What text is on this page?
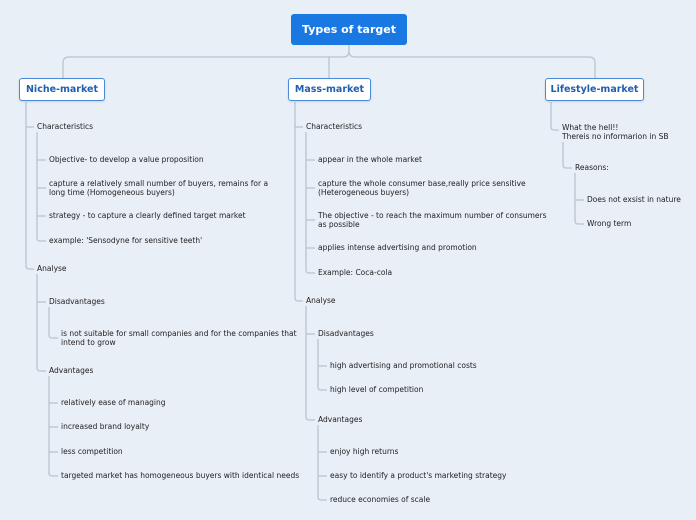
Types of target
Niche-market	Mass-market	Lifestyle-market
Characteristics
Objective- to develop a value proposition
capture a relatively small number of buyers, remains for a
long time (Homogeneous buyers)
strategy - to capture a clearly defined target market
example: 'Sensodyne for sensitive teeth'
Analyse
Disadvantages
is not suitable for small companies and for the companies that
intend to grow
Advantages
relatively ease of managing
increased brand loyalty
less competition
targeted market has homogeneous buyers with identical needs
Characteristics
appear in the whole market
capture the whole consumer base,really price sensitive
(Heterogeneous buyers)
The objective - to reach the maximum number of consumers
as possible
applies intense advertising and promotion
Example: Coca-cola
Analyse
Disadvantages
high advertising and promotional costs
high level of competition
Advantages
enjoy high returns
easy to identify a product's marketing strategy
reduce economies of scale
What the hell!!
Thereis no informarion in SB
Reasons:
Does not exsist in nature
Wrong term
